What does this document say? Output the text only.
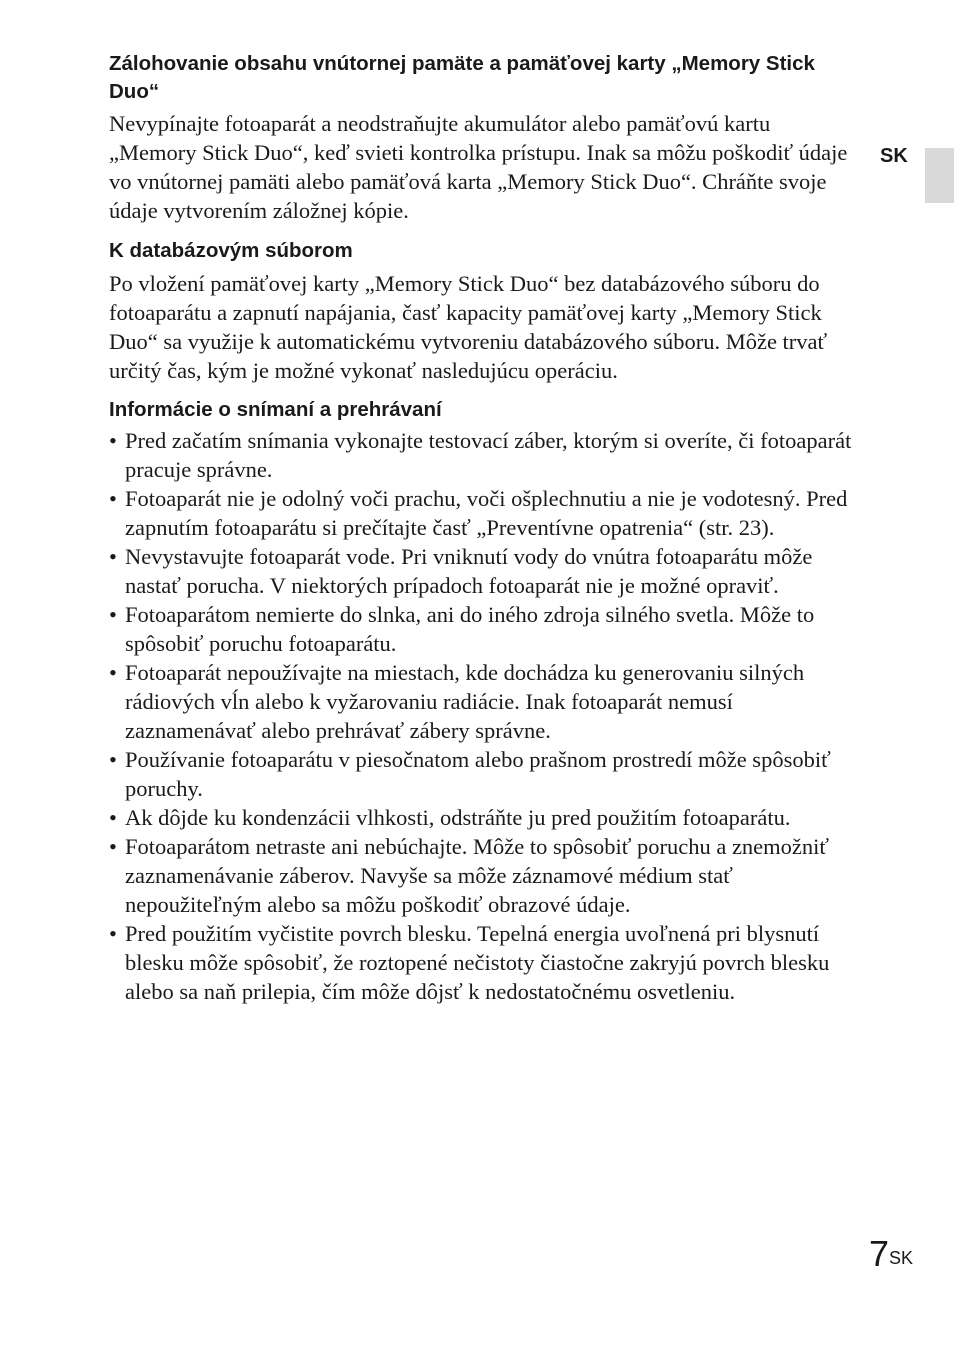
Zálohovanie obsahu vnútornej pamäte a pamäťovej karty „Memory Stick Duo“

Nevypínajte fotoaparát a neodstraňujte akumulátor alebo pamäťovú kartu „Memory Stick Duo“, keď svieti kontrolka prístupu. Inak sa môžu poškodiť údaje vo vnútornej pamäti alebo pamäťová karta „Memory Stick Duo“. Chráňte svoje údaje vytvorením záložnej kópie.

K databázovým súborom

Po vložení pamäťovej karty „Memory Stick Duo“ bez databázového súboru do fotoaparátu a zapnutí napájania, časť kapacity pamäťovej karty „Memory Stick Duo“ sa využije k automatickému vytvoreniu databázového súboru. Môže trvať určitý čas, kým je možné vykonať nasledujúcu operáciu.

Informácie o snímaní a prehrávaní

• Pred začatím snímania vykonajte testovací záber, ktorým si overíte, či fotoaparát pracuje správne.
• Fotoaparát nie je odolný voči prachu, voči ošplechnutiu a nie je vodotesný. Pred zapnutím fotoaparátu si prečítajte časť „Preventívne opatrenia“ (str. 23).
• Nevystavujte fotoaparát vode. Pri vniknutí vody do vnútra fotoaparátu môže nastať porucha. V niektorých prípadoch fotoaparát nie je možné opraviť.
• Fotoaparátom nemierte do slnka, ani do iného zdroja silného svetla. Môže to spôsobiť poruchu fotoaparátu.
• Fotoaparát nepoužívajte na miestach, kde dochádza ku generovaniu silných rádiových vĺn alebo k vyžarovaniu radiácie. Inak fotoaparát nemusí zaznamenávať alebo prehrávať zábery správne.
• Používanie fotoaparátu v piesočnatom alebo prašnom prostredí môže spôsobiť poruchy.
• Ak dôjde ku kondenzácii vlhkosti, odstráňte ju pred použitím fotoaparátu.
• Fotoaparátom netraste ani nebúchajte. Môže to spôsobiť poruchu a znemožniť zaznamenávanie záberov. Navyše sa môže záznamové médium stať nepoužiteľným alebo sa môžu poškodiť obrazové údaje.
• Pred použitím vyčistite povrch blesku. Tepelná energia uvoľnená pri blysnutí blesku môže spôsobiť, že roztopené nečistoty čiastočne zakryjú povrch blesku alebo sa naň prilepia, čím môže dôjsť k nedostatočnému osvetleniu.
SK
$7^{SK}$
